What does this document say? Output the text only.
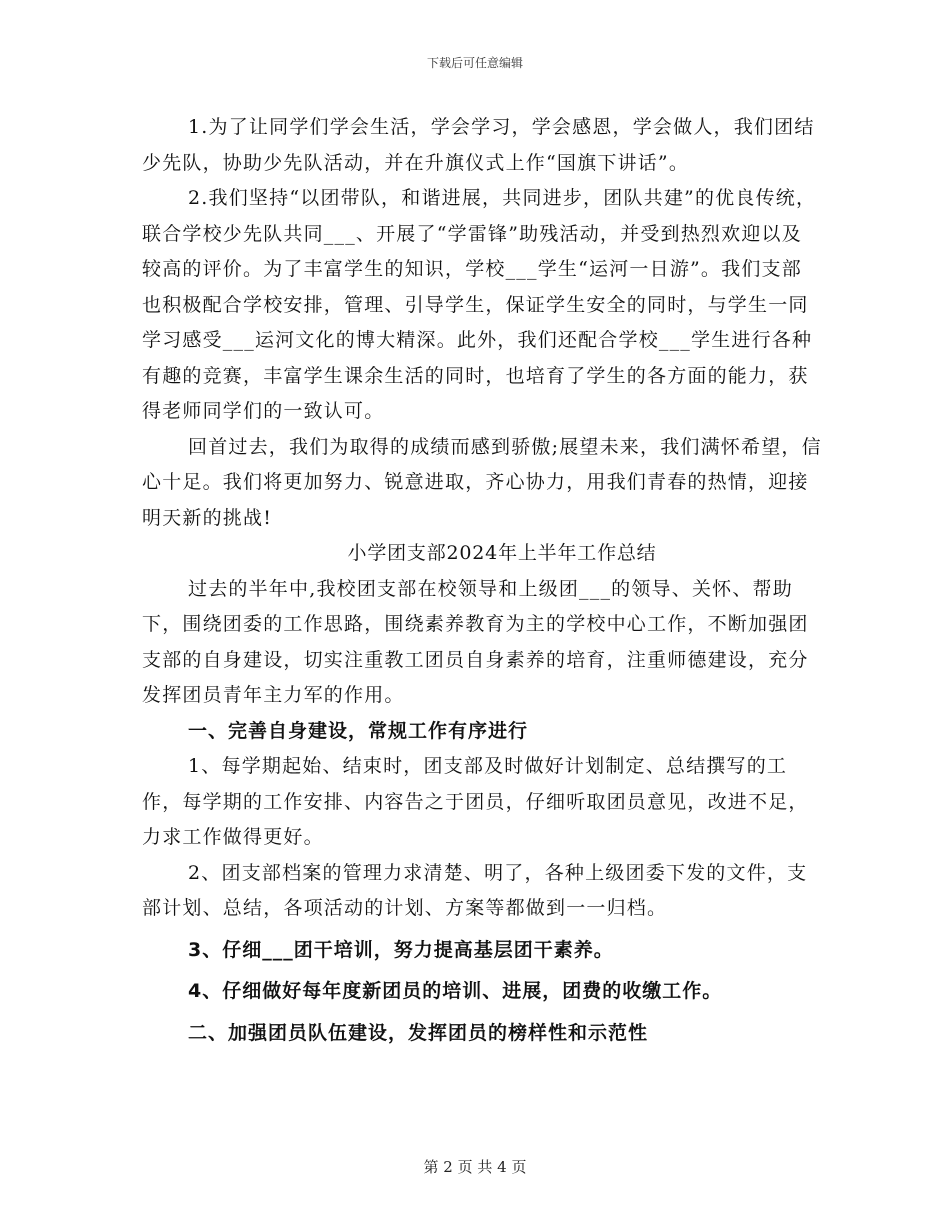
下载后可任意编辑

1.为了让同学们学会生活，学会学习，学会感恩，学会做人，我们团结少先队，协助少先队活动，并在升旗仪式上作“国旗下讲话”。

2.我们坚持“以团带队，和谐进展，共同进步，团队共建”的优良传统，联合学校少先队共同___、开展了“学雷锋”助残活动，并受到热烈欢迎以及较高的评价。为了丰富学生的知识，学校___学生“运河一日游”。我们支部也积极配合学校安排，管理、引导学生，保证学生安全的同时，与学生一同学习感受___运河文化的博大精深。此外，我们还配合学校___学生进行各种有趣的竞赛，丰富学生课余生活的同时，也培育了学生的各方面的能力，获得老师同学们的一致认可。

回首过去，我们为取得的成绩而感到骄傲;展望未来，我们满怀希望，信心十足。我们将更加努力、锐意进取，齐心协力，用我们青春的热情，迎接明天新的挑战!

小学团支部2024年上半年工作总结

过去的半年中,我校团支部在校领导和上级团___的领导、关怀、帮助下，围绕团委的工作思路，围绕素养教育为主的学校中心工作，不断加强团支部的自身建设，切实注重教工团员自身素养的培育，注重师德建设，充分发挥团员青年主力军的作用。

一、完善自身建设，常规工作有序进行

1、每学期起始、结束时，团支部及时做好计划制定、总结撰写的工作，每学期的工作安排、内容告之于团员，仔细听取团员意见，改进不足，力求工作做得更好。

2、团支部档案的管理力求清楚、明了，各种上级团委下发的文件，支部计划、总结，各项活动的计划、方案等都做到一一归档。

3、仔细___团干培训，努力提高基层团干素养。

4、仔细做好每年度新团员的培训、进展，团费的收缴工作。

二、加强团员队伍建设，发挥团员的榜样性和示范性

第 2 页 共 4 页
